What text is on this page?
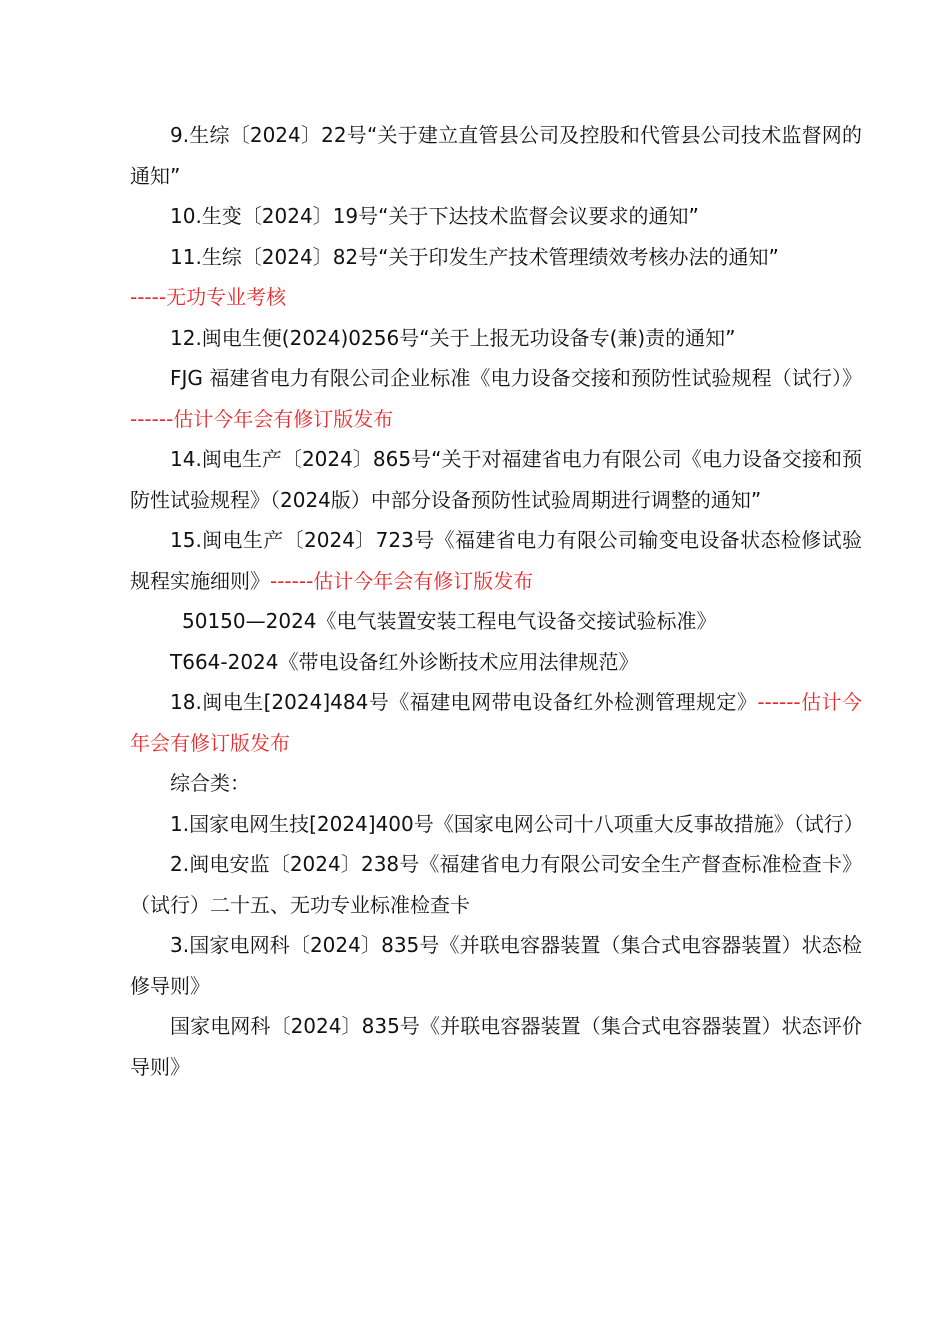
9.生综〔2024〕22号“关于建立直管县公司及控股和代管县公司技术监督网的通知”

10.生变〔2024〕19号“关于下达技术监督会议要求的通知”

11.生综〔2024〕82号“关于印发生产技术管理绩效考核办法的通知”

-----无功专业考核

12.闽电生便(2024)0256号“关于上报无功设备专(兼)责的通知”

FJG 福建省电力有限公司企业标准《电力设备交接和预防性试验规程（试行）》------估计今年会有修订版发布

14.闽电生产〔2024〕865号“关于对福建省电力有限公司《电力设备交接和预防性试验规程》（2024版）中部分设备预防性试验周期进行调整的通知”

15.闽电生产〔2024〕723号《福建省电力有限公司输变电设备状态检修试验规程实施细则》------估计今年会有修订版发布

50150—2024《电气装置安装工程电气设备交接试验标准》

T664-2024《带电设备红外诊断技术应用法律规范》

18.闽电生[2024]484号《福建电网带电设备红外检测管理规定》------估计今年会有修订版发布

综合类：

1.国家电网生技[2024]400号《国家电网公司十八项重大反事故措施》（试行）

2.闽电安监〔2024〕238号《福建省电力有限公司安全生产督查标准检查卡》（试行）二十五、无功专业标准检查卡

3.国家电网科〔2024〕835号《并联电容器装置（集合式电容器装置）状态检修导则》

国家电网科〔2024〕835号《并联电容器装置（集合式电容器装置）状态评价导则》
